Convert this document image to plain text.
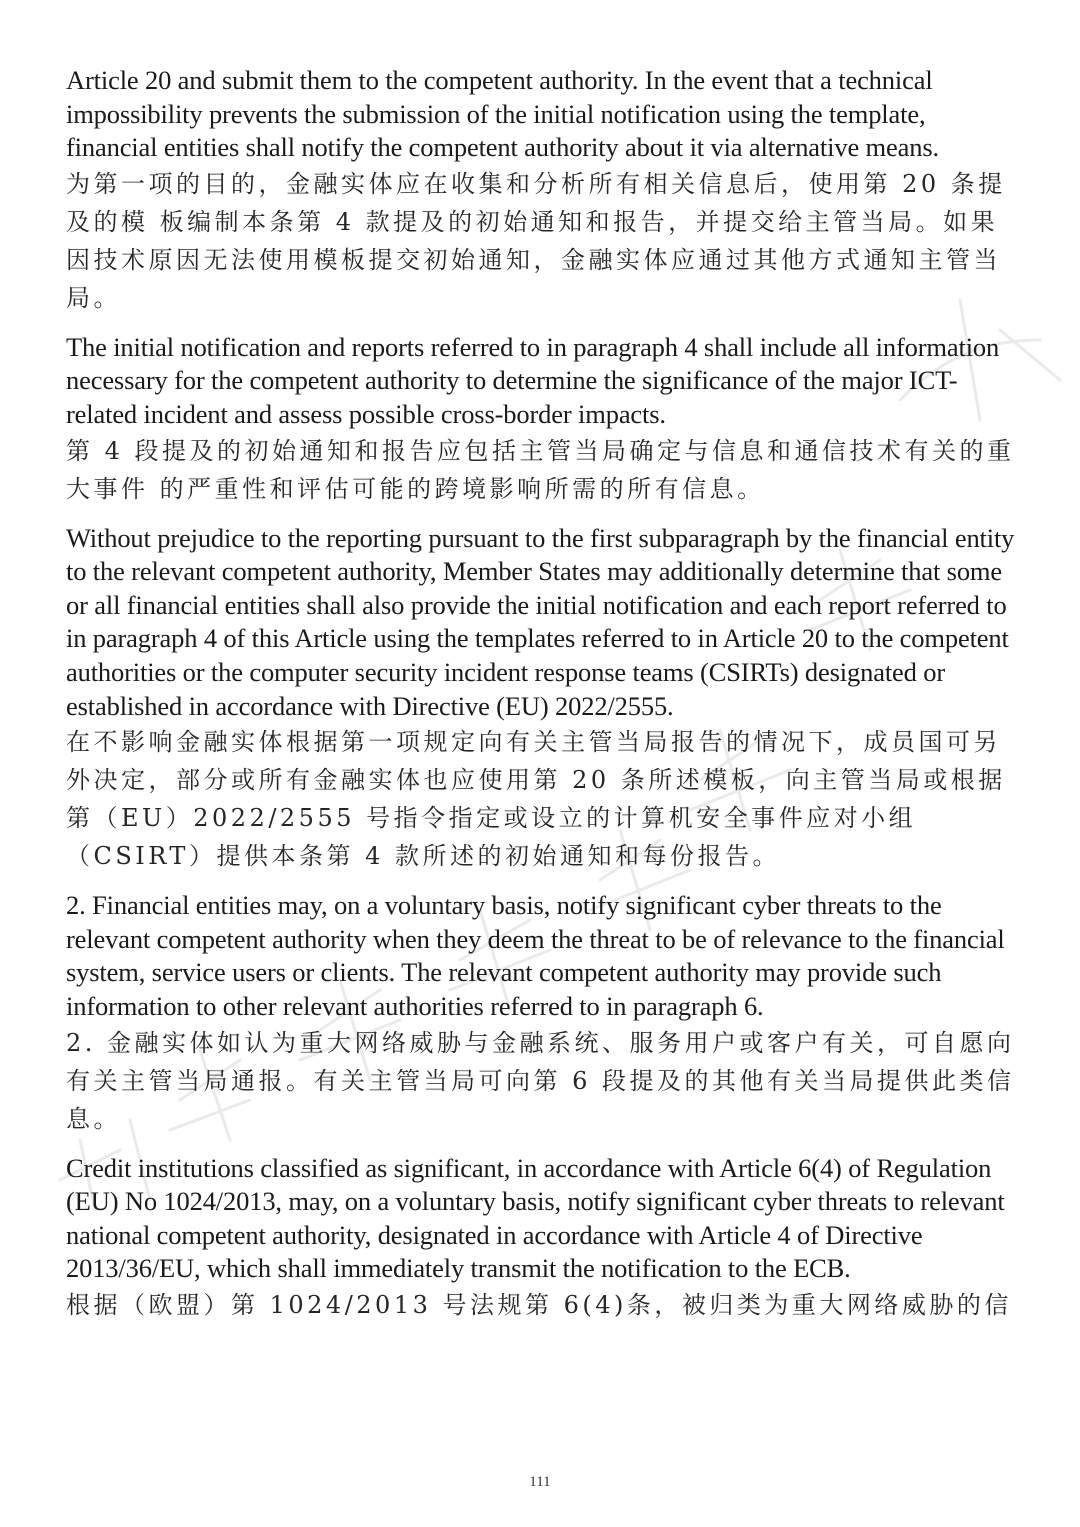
Article 20 and submit them to the competent authority. In the event that a technical impossibility prevents the submission of the initial notification using the template, financial entities shall notify the competent authority about it via alternative means.

为第一项的目的，金融实体应在收集和分析所有相关信息后，使用第 20 条提及的模 板编制本条第 4 款提及的初始通知和报告，并提交给主管当局。如果因技术原因无法使用模板提交初始通知，金融实体应通过其他方式通知主管当局。

The initial notification and reports referred to in paragraph 4 shall include all information necessary for the competent authority to determine the significance of the major ICT-related incident and assess possible cross-border impacts.

第 4 段提及的初始通知和报告应包括主管当局确定与信息和通信技术有关的重大事件 的严重性和评估可能的跨境影响所需的所有信息。

Without prejudice to the reporting pursuant to the first subparagraph by the financial entity to the relevant competent authority, Member States may additionally determine that some or all financial entities shall also provide the initial notification and each report referred to in paragraph 4 of this Article using the templates referred to in Article 20 to the competent authorities or the computer security incident response teams (CSIRTs) designated or established in accordance with Directive (EU) 2022/2555.

在不影响金融实体根据第一项规定向有关主管当局报告的情况下，成员国可另外决定，部分或所有金融实体也应使用第 20 条所述模板，向主管当局或根据第（EU）2022/2555 号指令指定或设立的计算机安全事件应对小组（CSIRT）提供本条第 4 款所述的初始通知和每份报告。

2. Financial entities may, on a voluntary basis, notify significant cyber threats to the relevant competent authority when they deem the threat to be of relevance to the financial system, service users or clients. The relevant competent authority may provide such information to other relevant authorities referred to in paragraph 6.

2. 金融实体如认为重大网络威胁与金融系统、服务用户或客户有关，可自愿向有关主管当局通报。有关主管当局可向第 6 段提及的其他有关当局提供此类信息。

Credit institutions classified as significant, in accordance with Article 6(4) of Regulation (EU) No 1024/2013, may, on a voluntary basis, notify significant cyber threats to relevant national competent authority, designated in accordance with Article 4 of Directive 2013/36/EU, which shall immediately transmit the notification to the ECB.

根据（欧盟）第 1024/2013 号法规第 6(4)条，被归类为重大网络威胁的信

111
